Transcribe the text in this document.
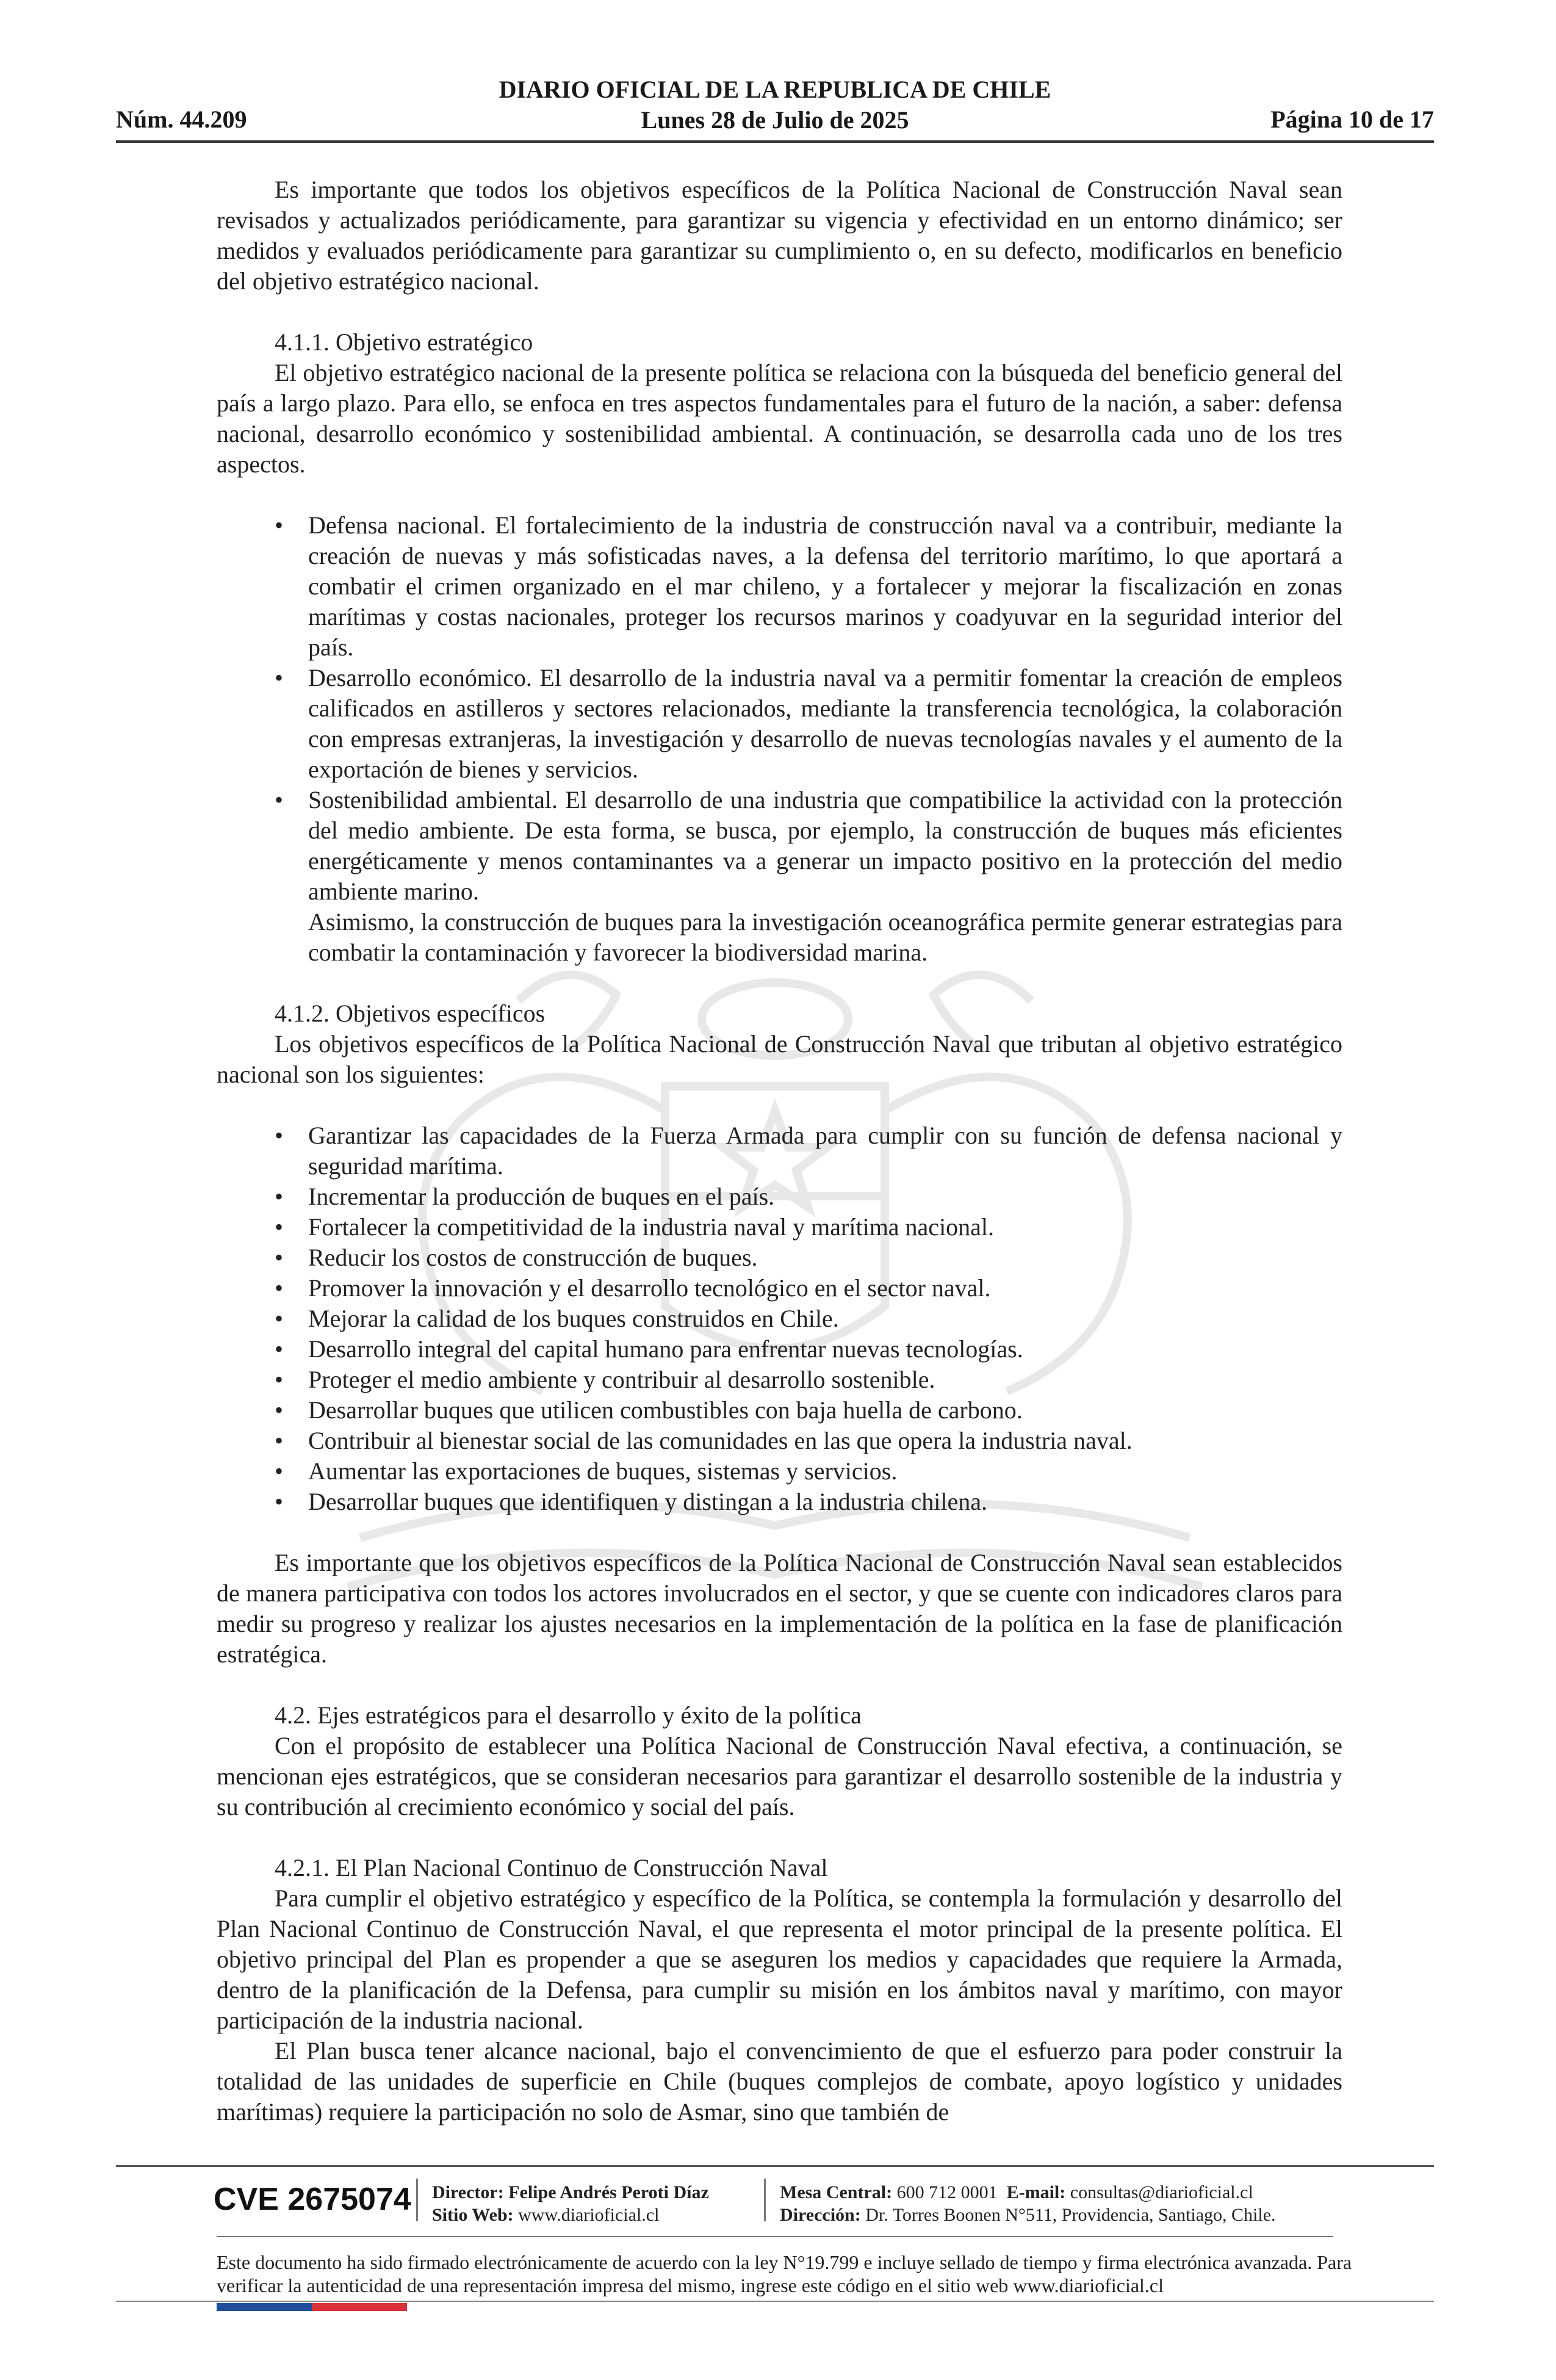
Núm. 44.209
DIARIO OFICIAL DE LA REPUBLICA DE CHILE
Lunes 28 de Julio de 2025	Página 10 de 17

Es importante que todos los objetivos específicos de la Política Nacional de Construcción Naval sean revisados y actualizados periódicamente, para garantizar su vigencia y efectividad en un entorno dinámico; ser medidos y evaluados periódicamente para garantizar su cumplimiento o, en su defecto, modificarlos en beneficio del objetivo estratégico nacional.

4.1.1. Objetivo estratégico

El objetivo estratégico nacional de la presente política se relaciona con la búsqueda del beneficio general del país a largo plazo. Para ello, se enfoca en tres aspectos fundamentales para el futuro de la nación, a saber: defensa nacional, desarrollo económico y sostenibilidad ambiental. A continuación, se desarrolla cada uno de los tres aspectos.

• Defensa nacional. El fortalecimiento de la industria de construcción naval va a contribuir, mediante la creación de nuevas y más sofisticadas naves, a la defensa del territorio marítimo, lo que aportará a combatir el crimen organizado en el mar chileno, y a fortalecer y mejorar la fiscalización en zonas marítimas y costas nacionales, proteger los recursos marinos y coadyuvar en la seguridad interior del país.
• Desarrollo económico. El desarrollo de la industria naval va a permitir fomentar la creación de empleos calificados en astilleros y sectores relacionados, mediante la transferencia tecnológica, la colaboración con empresas extranjeras, la investigación y desarrollo de nuevas tecnologías navales y el aumento de la exportación de bienes y servicios.
• Sostenibilidad ambiental. El desarrollo de una industria que compatibilice la actividad con la protección del medio ambiente. De esta forma, se busca, por ejemplo, la construcción de buques más eficientes energéticamente y menos contaminantes va a generar un impacto positivo en la protección del medio ambiente marino.

Asimismo, la construcción de buques para la investigación oceanográfica permite generar estrategias para combatir la contaminación y favorecer la biodiversidad marina.

4.1.2. Objetivos específicos

Los objetivos específicos de la Política Nacional de Construcción Naval que tributan al objetivo estratégico nacional son los siguientes:

• Garantizar las capacidades de la Fuerza Armada para cumplir con su función de defensa nacional y seguridad marítima.
• Incrementar la producción de buques en el país.
• Fortalecer la competitividad de la industria naval y marítima nacional.
• Reducir los costos de construcción de buques.
• Promover la innovación y el desarrollo tecnológico en el sector naval.
• Mejorar la calidad de los buques construidos en Chile.
• Desarrollo integral del capital humano para enfrentar nuevas tecnologías.
• Proteger el medio ambiente y contribuir al desarrollo sostenible.
• Desarrollar buques que utilicen combustibles con baja huella de carbono.
• Contribuir al bienestar social de las comunidades en las que opera la industria naval.
• Aumentar las exportaciones de buques, sistemas y servicios.
• Desarrollar buques que identifiquen y distingan a la industria chilena.

Es importante que los objetivos específicos de la Política Nacional de Construcción Naval sean establecidos de manera participativa con todos los actores involucrados en el sector, y que se cuente con indicadores claros para medir su progreso y realizar los ajustes necesarios en la implementación de la política en la fase de planificación estratégica.

4.2. Ejes estratégicos para el desarrollo y éxito de la política

Con el propósito de establecer una Política Nacional de Construcción Naval efectiva, a continuación, se mencionan ejes estratégicos, que se consideran necesarios para garantizar el desarrollo sostenible de la industria y su contribución al crecimiento económico y social del país.

4.2.1. El Plan Nacional Continuo de Construcción Naval

Para cumplir el objetivo estratégico y específico de la Política, se contempla la formulación y desarrollo del Plan Nacional Continuo de Construcción Naval, el que representa el motor principal de la presente política. El objetivo principal del Plan es propender a que se aseguren los medios y capacidades que requiere la Armada, dentro de la planificación de la Defensa, para cumplir su misión en los ámbitos naval y marítimo, con mayor participación de la industria nacional.

El Plan busca tener alcance nacional, bajo el convencimiento de que el esfuerzo para poder construir la totalidad de las unidades de superficie en Chile (buques complejos de combate, apoyo logístico y unidades marítimas) requiere la participación no solo de Asmar, sino que también de

CVE 2675074 Director: Felipe Andrés Peroti Díaz
Sitio Web: www.diarioficial.cl
Mesa Central: 600 712 0001 E-mail: consultas@diarioficial.cl
Dirección: Dr. Torres Boonen N°511, Providencia, Santiago, Chile.
Este documento ha sido firmado electrónicamente de acuerdo con la ley N°19.799 e incluye sellado de tiempo y firma electrónica avanzada. Para verificar la autenticidad de una representación impresa del mismo, ingrese este código en el sitio web www.diarioficial.cl
